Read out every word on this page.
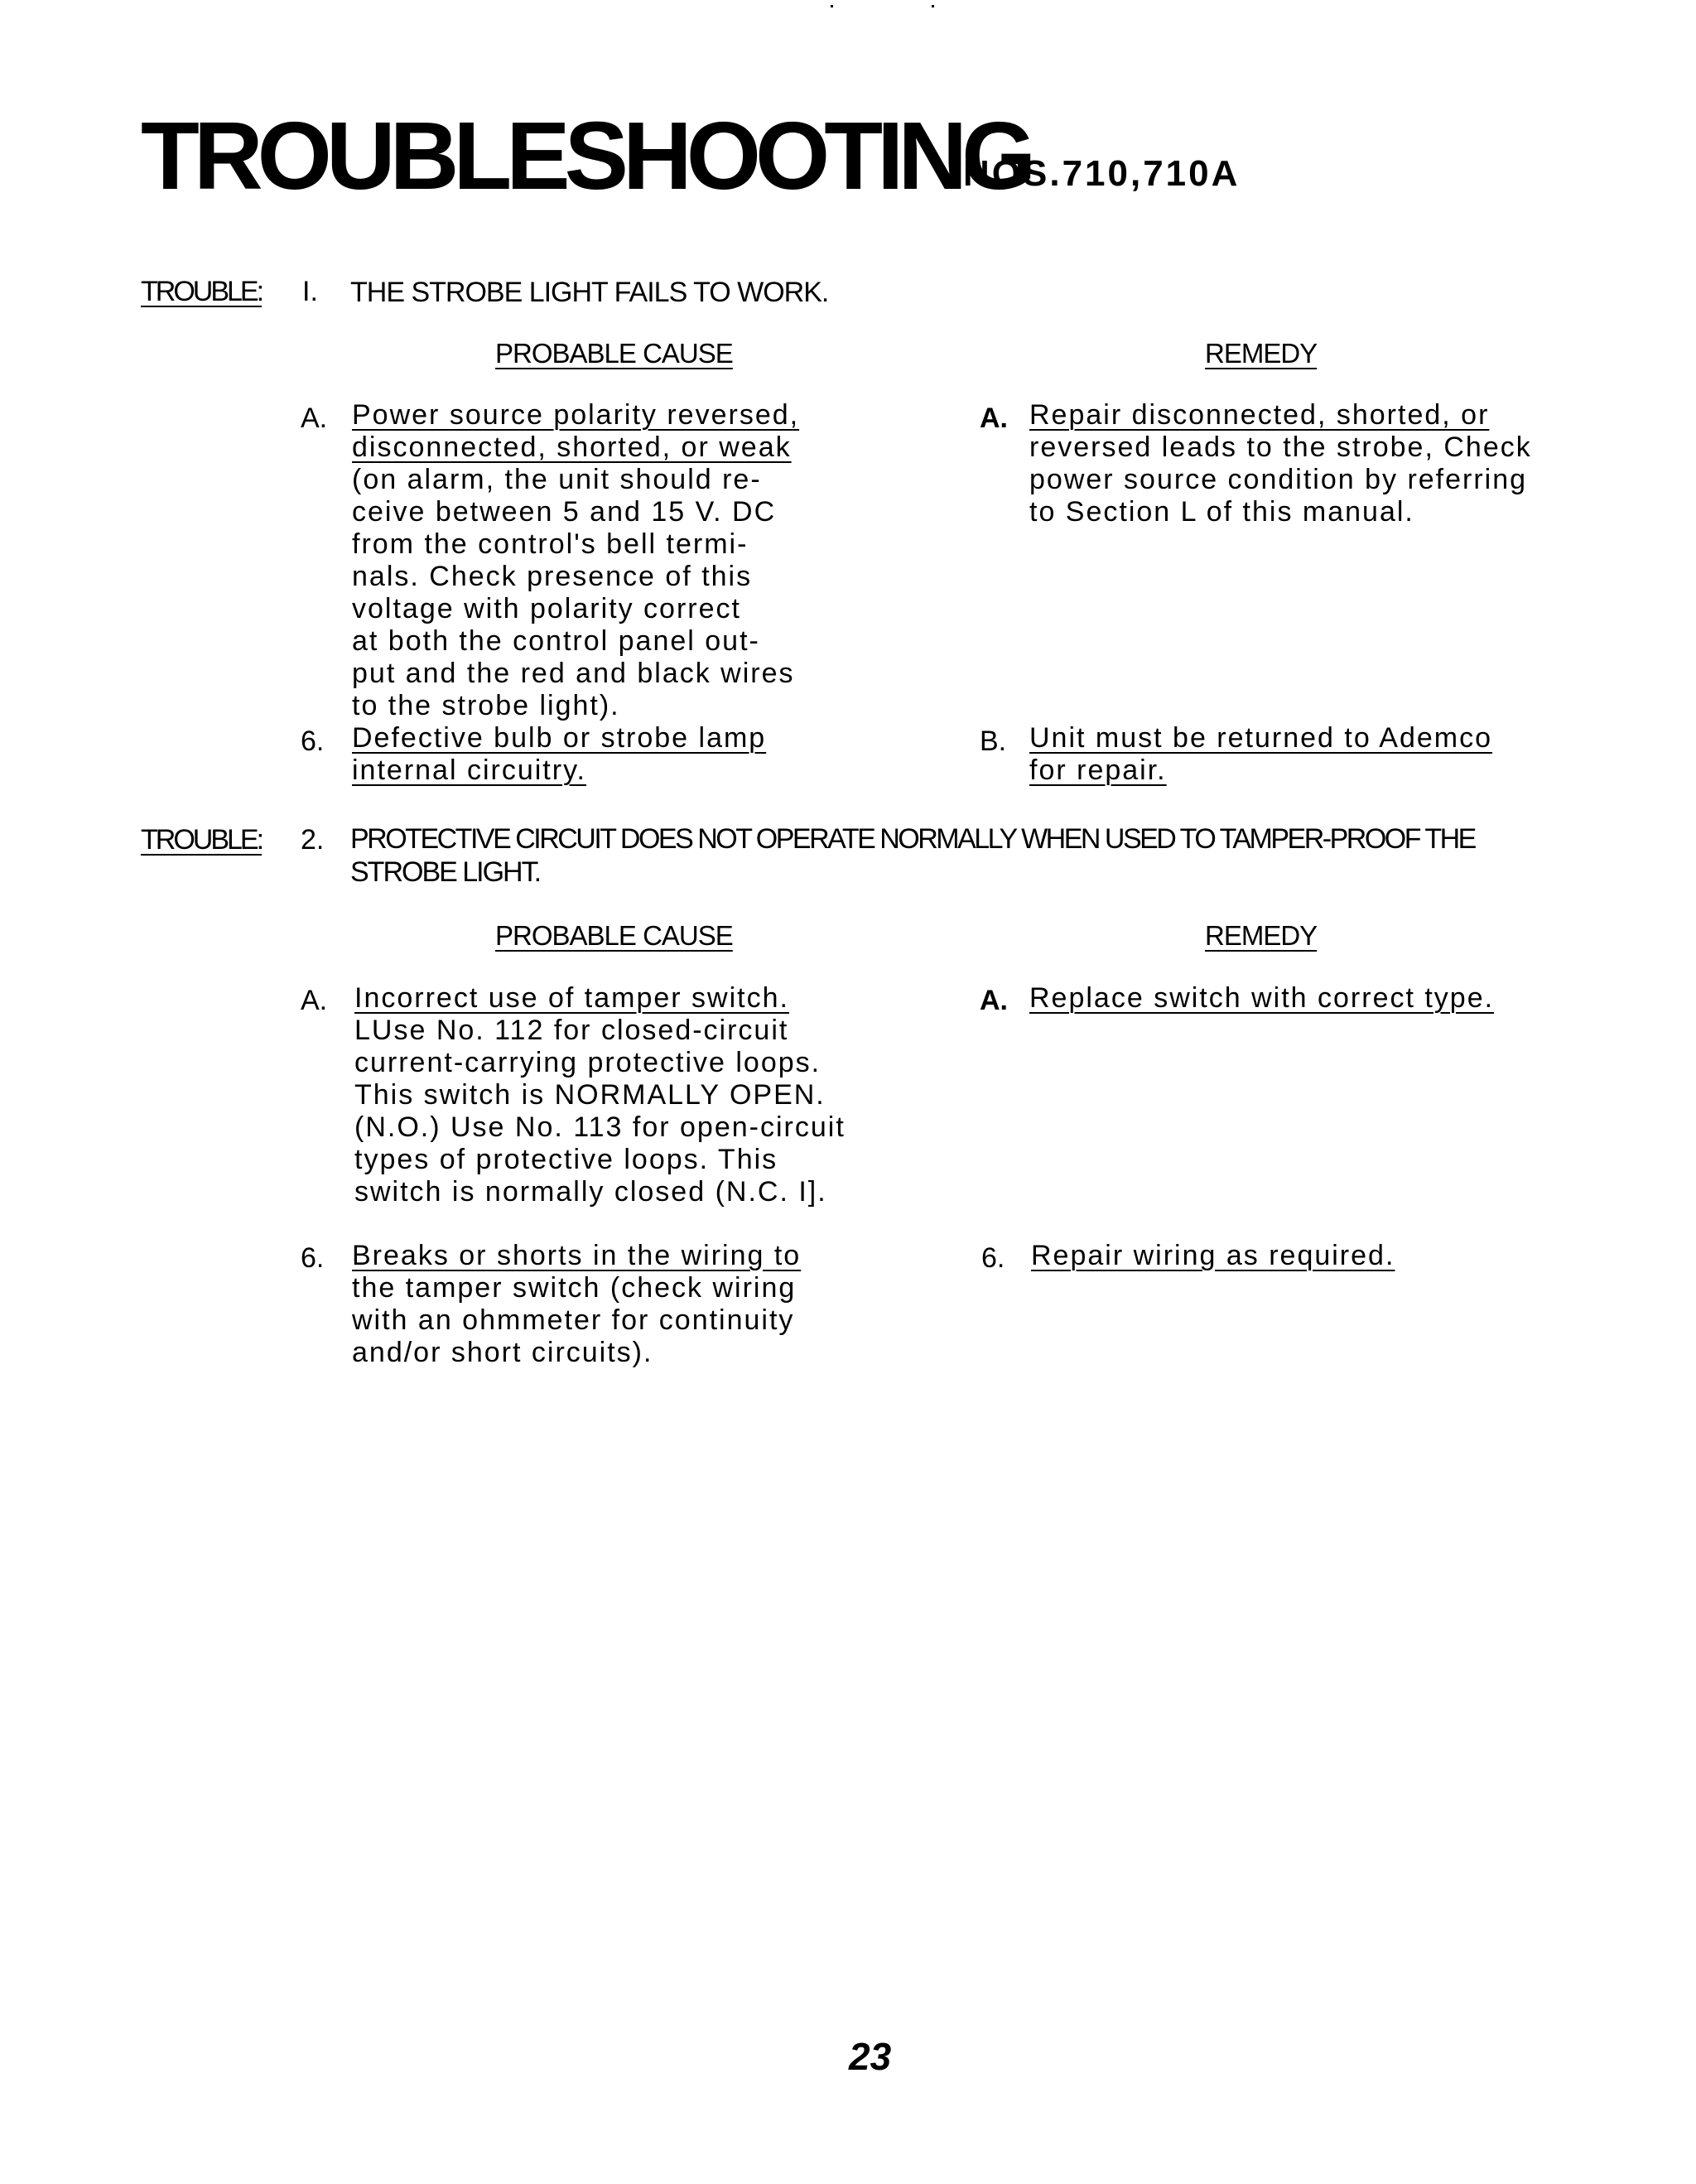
TROUBLESHOOTING
NOS.710,710A
TROUBLE: I. THE STROBE LIGHT FAILS TO WORK.
PROBABLE CAUSE	REMEDY
A. Power source polarity reversed,
disconnected, shorted, or weak
(on alarm, the unit should re-
ceive between 5 and 15 V. DC
from the control's bell termi-
nals. Check presence of this
voltage with polarity correct
at both the control panel out-
put and the red and black wires
to the strobe light).
A. Repair disconnected, shorted, or
reversed leads to the strobe, Check
power source condition by referring
to Section L of this manual.
6. Defective bulb or strobe lamp
internal circuitry.
B. Unit must be returned to Ademco
for repair.
TROUBLE: 2. PROTECTIVE CIRCUIT DOES NOT OPERATE NORMALLY WHEN USED TO TAMPER-PROOF THE
STROBE LIGHT.
PROBABLE CAUSE	REMEDY
A. Incorrect use of tamper switch.
LUse No. 112 for closed-circuit
current-carrying protective loops.
This switch is NORMALLY OPEN.
(N.O.) Use No. 113 for open-circuit
types of protective loops. This
switch is normally closed (N.C. I].
A. Replace switch with correct type.
6. Breaks or shorts in the wiring to
the tamper switch (check wiring
with an ohmmeter for continuity
and/or short circuits).
6. Repair wiring as required.
23
